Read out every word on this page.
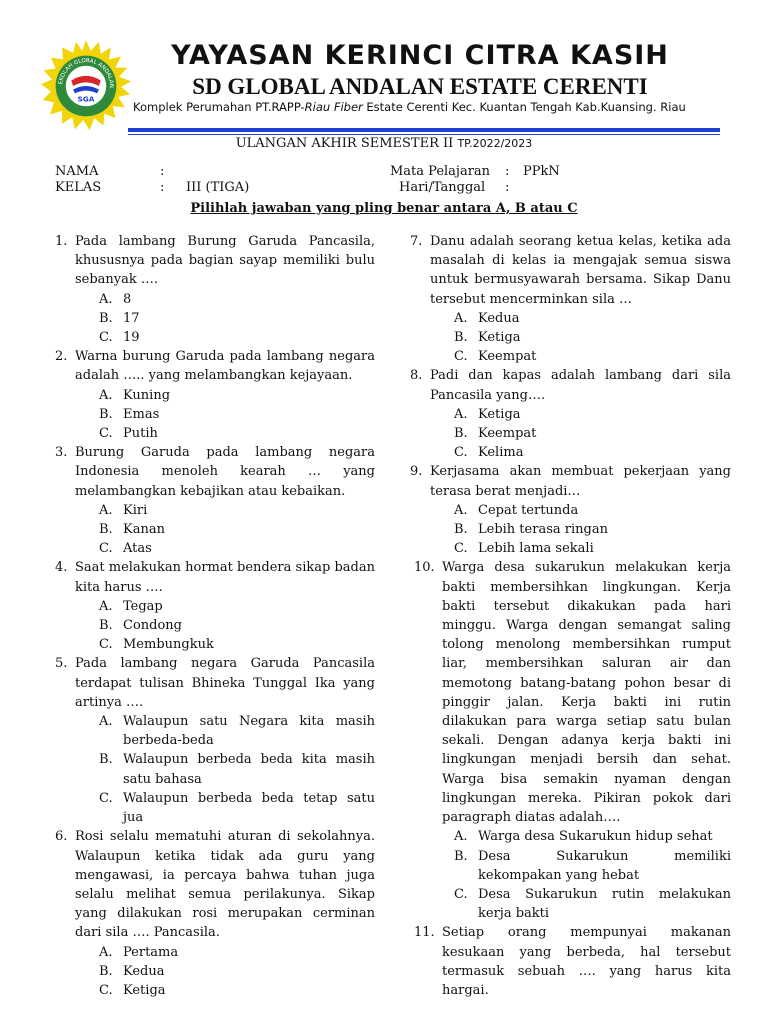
SGA
EKOLAH GLOBAL ANDALAN
YAYASAN KERINCI CITRA KASIH
SD GLOBAL ANDALAN ESTATE CERENTI
Komplek Perumahan PT.RAPP-Riau Fiber Estate Cerenti Kec. Kuantan Tengah Kab.Kuansing. Riau
ULANGAN AKHIR SEMESTER II TP.2022/2023
NAMA	:
KELAS	: III (TIGA)
Mata Pelajaran : PPkN
Hari/Tanggal :
Pilihlah jawaban yang pling benar antara A, B atau C
1. Pada lambang Burung Garuda Pancasila, khususnya pada bagian sayap memiliki bulu sebanyak ….
A. 8
B. 17
C. 19
2. Warna burung Garuda pada lambang negara adalah ….. yang melambangkan kejayaan.
A. Kuning
B. Emas
C. Putih
3. Burung Garuda pada lambang negara Indonesia menoleh kearah … yang melambangkan kebajikan atau kebaikan.
A. Kiri
B. Kanan
C. Atas
4. Saat melakukan hormat bendera sikap badan kita harus ….
A. Tegap
B. Condong
C. Membungkuk
5. Pada lambang negara Garuda Pancasila terdapat tulisan Bhineka Tunggal Ika yang artinya ….
A. Walaupun satu Negara kita masih berbeda-beda
B. Walaupun berbeda beda kita masih satu bahasa
C. Walaupun berbeda beda tetap satu jua
6. Rosi selalu mematuhi aturan di sekolahnya. Walaupun ketika tidak ada guru yang mengawasi, ia percaya bahwa tuhan juga selalu melihat semua perilakunya. Sikap yang dilakukan rosi merupakan cerminan dari sila …. Pancasila.
A. Pertama
B. Kedua
C. Ketiga
7. Danu adalah seorang ketua kelas, ketika ada masalah di kelas ia mengajak semua siswa untuk bermusyawarah bersama. Sikap Danu tersebut mencerminkan sila …
A. Kedua
B. Ketiga
C. Keempat
8. Padi dan kapas adalah lambang dari sila Pancasila yang….
A. Ketiga
B. Keempat
C. Kelima
9. Kerjasama akan membuat pekerjaan yang terasa berat menjadi…
A. Cepat tertunda
B. Lebih terasa ringan
C. Lebih lama sekali
10. Warga desa sukarukun melakukan kerja bakti membersihkan lingkungan. Kerja bakti tersebut dikakukan pada hari minggu. Warga dengan semangat saling tolong menolong membersihkan rumput liar, membersihkan saluran air dan memotong batang-batang pohon besar di pinggir jalan. Kerja bakti ini rutin dilakukan para warga setiap satu bulan sekali. Dengan adanya kerja bakti ini lingkungan menjadi bersih dan sehat. Warga bisa semakin nyaman dengan lingkungan mereka. Pikiran pokok dari paragraph diatas adalah….
A. Warga desa Sukarukun hidup sehat
B. Desa Sukarukun memiliki kekompakan yang hebat
C. Desa Sukarukun rutin melakukan kerja bakti
11. Setiap orang mempunyai makanan kesukaan yang berbeda, hal tersebut termasuk sebuah …. yang harus kita hargai.
